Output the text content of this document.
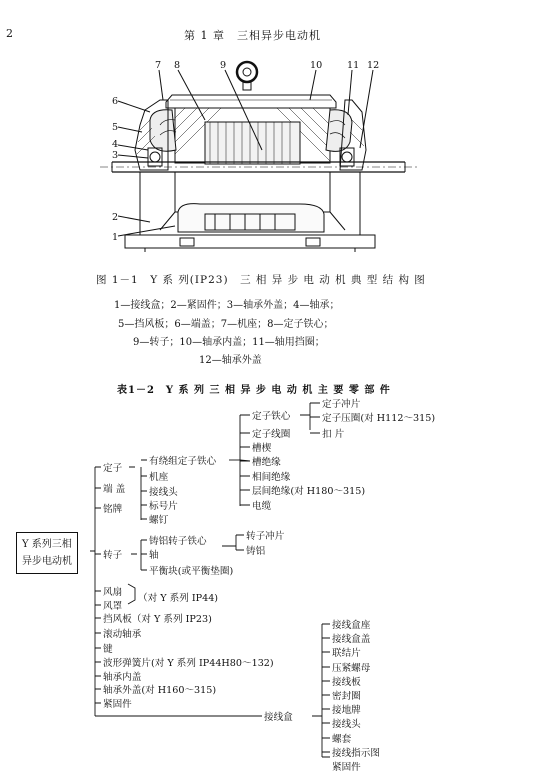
2	第 1 章　三相异步电动机
1
2
3
4
5
6
7 8	9	10	11 12
图 1－1　Y 系 列(IP23)　三 相 异 步 电 动 机 典 型 结 构 图
1—接线盒；2—紧固件；3—轴承外盖；4—轴承；
5—挡风板；6—端盖；7—机座；8—定子铁心；
9—转子；10—轴承内盖；11—轴用挡圈；
12—轴承外盖
表1－2　Y 系 列 三 相 异 步 电 动 机 主 要 零 部 件
Y 系列三相
异步电动机
定子
端 盖
铭牌
转子
风扇
风罩
（对 Y 系列 IP44)
挡风板（对 Y 系列 IP23)
滚动轴承
键
波形弹簧片(对 Y 系列 IP44H80～132)
轴承内盖
轴承外盖(对 H160～315)
紧固件
接线盒
有绕组定子铁心
机座
接线头
标号片
螺钉
定子铁心
定子线圈
槽楔
槽绝缘
相间绝缘
层间绝缘(对 H180～315)
电缆
定子冲片
定子压圈(对 H112～315)
扣 片
铸铝转子铁心
轴
平衡块(或平衡垫圈)
转子冲片
铸铝
接线盒座
接线盒盖
联结片
压紧螺母
接线板
密封圈
接地牌
接线头
螺套
接线指示图
紧固件
